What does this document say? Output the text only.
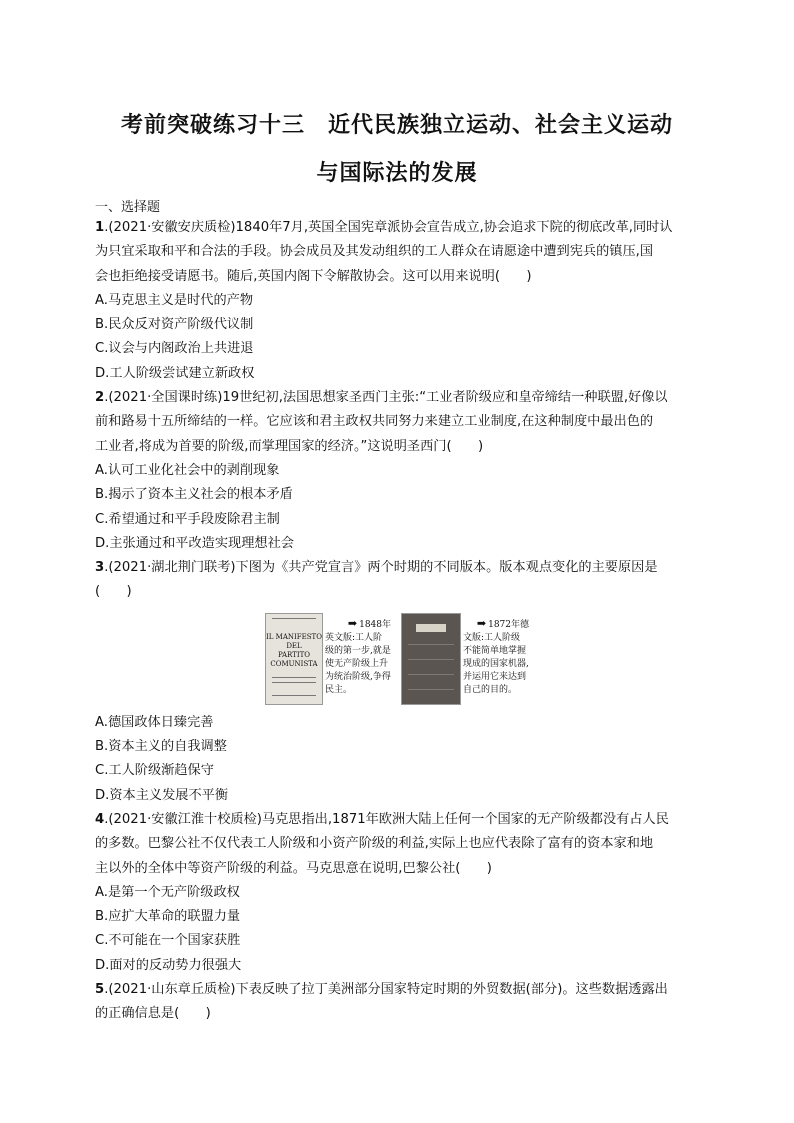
考前突破练习十三　近代民族独立运动、社会主义运动
与国际法的发展
一、选择题

1.(2021·安徽安庆质检)1840年7月,英国全国宪章派协会宣告成立,协会追求下院的彻底改革,同时认

为只宜采取和平和合法的手段。协会成员及其发动组织的工人群众在请愿途中遭到宪兵的镇压,国

会也拒绝接受请愿书。随后,英国内阁下令解散协会。这可以用来说明(　　)

A.马克思主义是时代的产物

B.民众反对资产阶级代议制

C.议会与内阁政治上共进退

D.工人阶级尝试建立新政权

2.(2021·全国课时练)19世纪初,法国思想家圣西门主张:“工业者阶级应和皇帝缔结一种联盟,好像以

前和路易十五所缔结的一样。它应该和君主政权共同努力来建立工业制度,在这种制度中最出色的

工业者,将成为首要的阶级,而掌理国家的经济。”这说明圣西门(　　)

A.认可工业化社会中的剥削现象

B.揭示了资本主义社会的根本矛盾

C.希望通过和平手段废除君主制

D.主张通过和平改造实现理想社会

3.(2021·湖北荆门联考)下图为《共产党宣言》两个时期的不同版本。版本观点变化的主要原因是

(　　)

IL MANIFESTO
DEL
PARTITO COMUNISTA
➡ 1848年
英文版:工人阶级的第一步,就是使无产阶级上升为统治阶级,争得民主。
➡ 1872年德
文版:工人阶级不能简单地掌握现成的国家机器,并运用它来达到自己的目的。

A.德国政体日臻完善

B.资本主义的自我调整

C.工人阶级渐趋保守

D.资本主义发展不平衡

4.(2021·安徽江淮十校质检)马克思指出,1871年欧洲大陆上任何一个国家的无产阶级都没有占人民

的多数。巴黎公社不仅代表工人阶级和小资产阶级的利益,实际上也应代表除了富有的资本家和地

主以外的全体中等资产阶级的利益。马克思意在说明,巴黎公社(　　)

A.是第一个无产阶级政权

B.应扩大革命的联盟力量

C.不可能在一个国家获胜

D.面对的反动势力很强大

5.(2021·山东章丘质检)下表反映了拉丁美洲部分国家特定时期的外贸数据(部分)。这些数据透露出

的正确信息是(　　)
